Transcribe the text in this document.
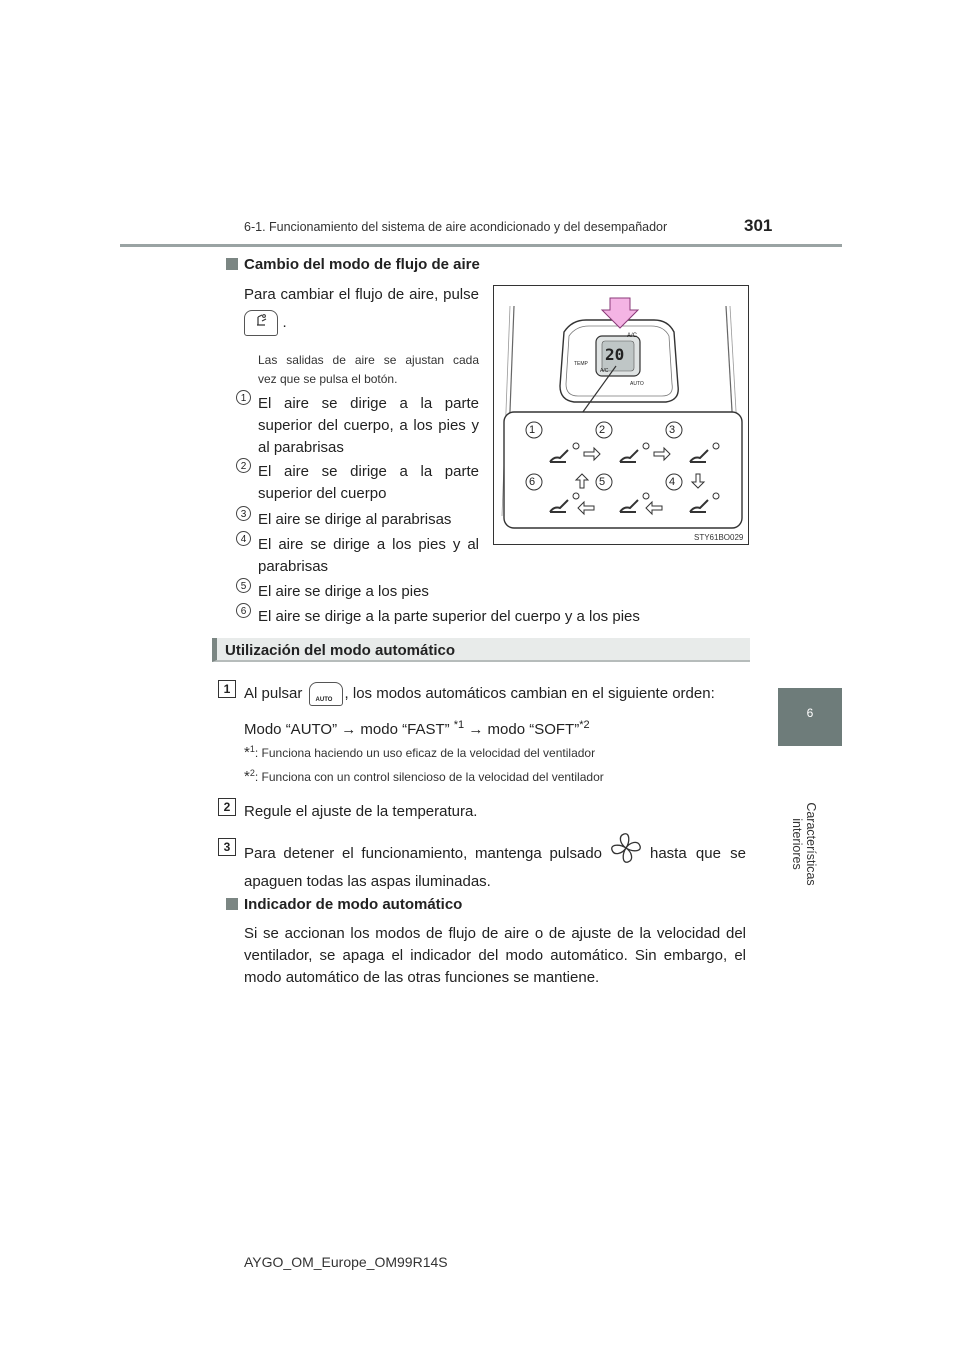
6-1. Funcionamiento del sistema de aire acondicionado y del desempañador	301
6
Características interiores
Cambio del modo de flujo de aire
Para cambiar el flujo de aire, pulse
.
Las salidas de aire se ajustan cada
vez que se pulsa el botón.
1 El aire se dirige a la parte
superior del cuerpo, a los pies y
al parabrisas
2 El aire se dirige a la parte
superior del cuerpo
3 El aire se dirige al parabrisas
4 El aire se dirige a los pies y al
parabrisas
5 El aire se dirige a los pies
6 El aire se dirige a la parte superior del cuerpo y a los pies
20
A/C
A/C
TEMP
AUTO
1	2	3
4
5
6
STY61BO029
Utilización del modo automático
1 Al pulsar AUTO , los modos automáticos cambian en el siguiente orden:
Modo “AUTO” → modo “FAST” $^{*1}$ → modo “SOFT”$^{*2}$
*$^1$: Funciona haciendo un uso eficaz de la velocidad del ventilador
*$^2$: Funciona con un control silencioso de la velocidad del ventilador
2 Regule el ajuste de la temperatura.
3 Para detener el funcionamiento, mantenga pulsado	hasta que se
apaguen todas las aspas iluminadas.
Indicador de modo automático
Si se accionan los modos de flujo de aire o de ajuste de la velocidad del
ventilador, se apaga el indicador del modo automático. Sin embargo, el
modo automático de las otras funciones se mantiene.
AYGO_OM_Europe_OM99R14S
